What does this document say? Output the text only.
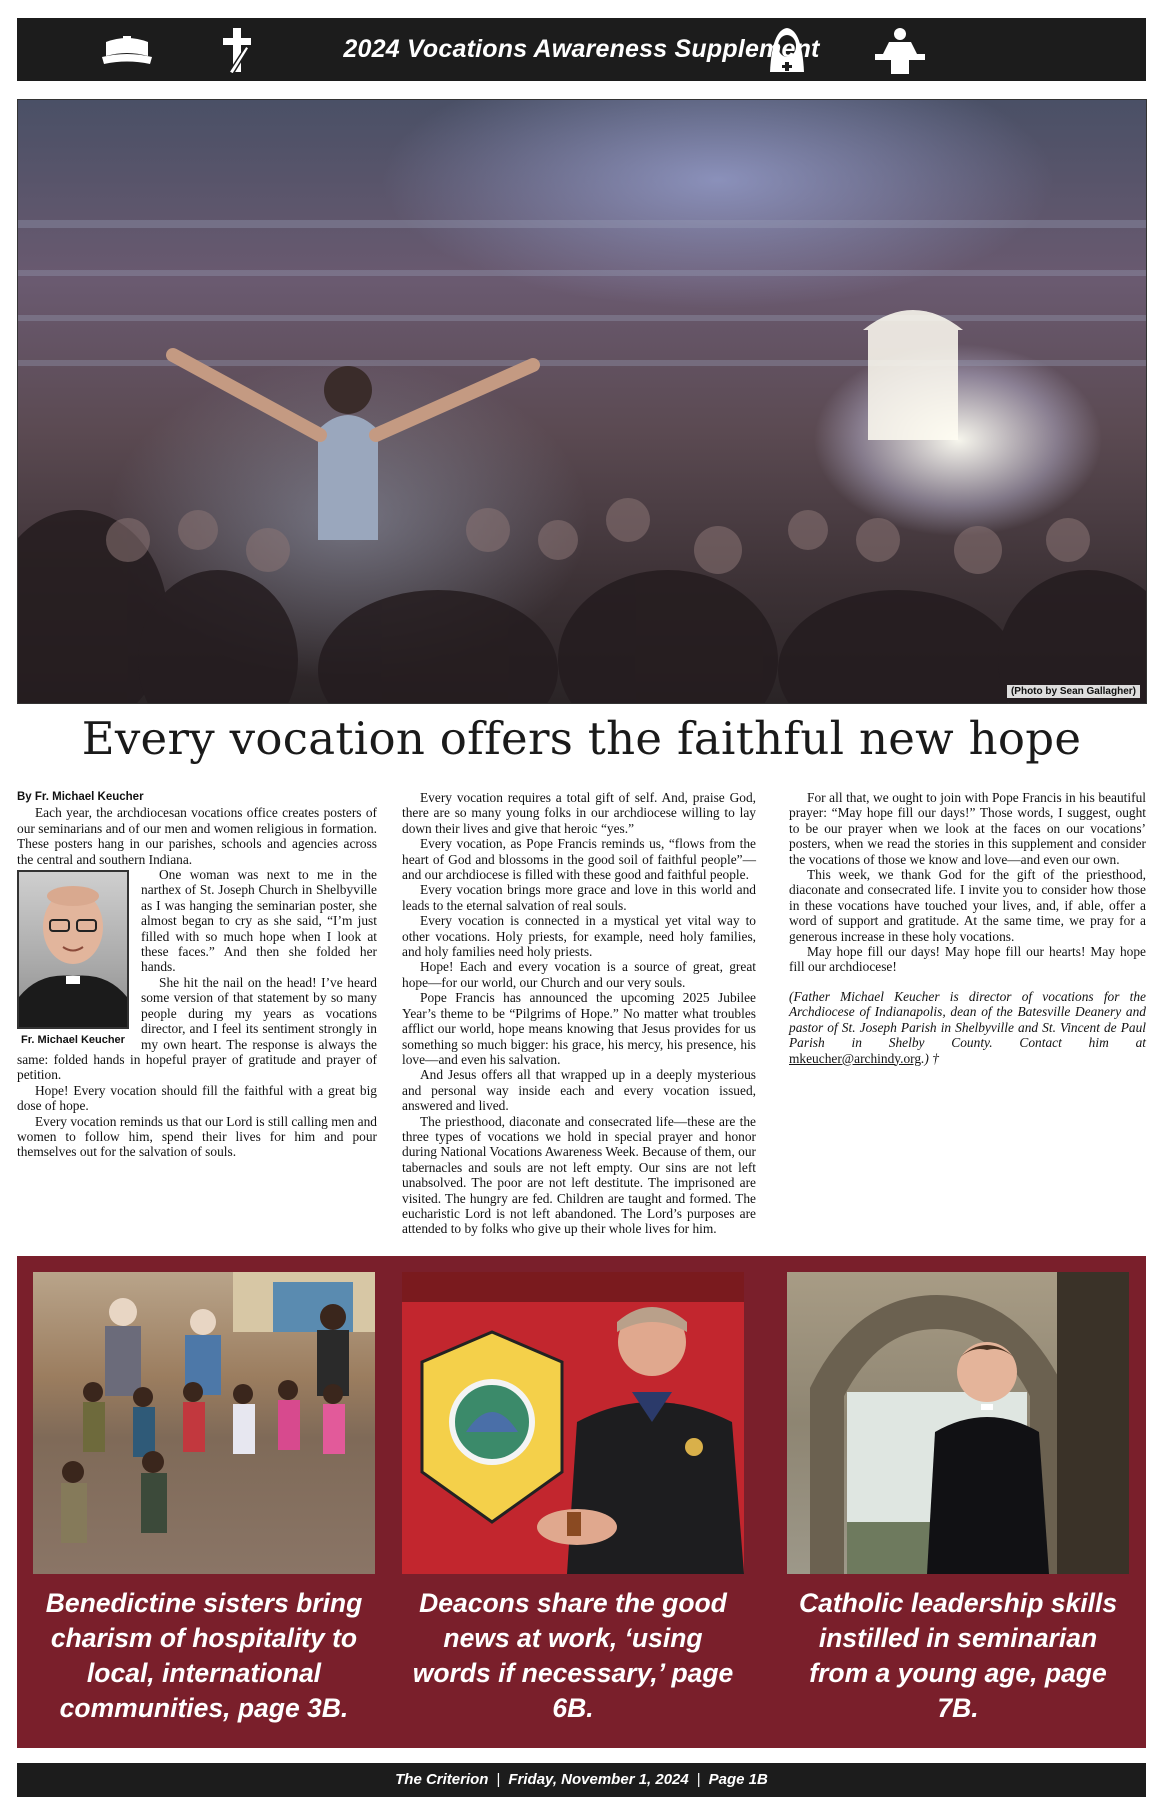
2024 Vocations Awareness Supplement
(Photo by Sean Gallagher)
Every vocation offers the faithful new hope

By Fr. Michael Keucher

Each year, the archdiocesan vocations office creates posters of our seminarians and of our men and women religious in formation. These posters hang in our parishes, schools and agencies across the central and southern Indiana.

Fr. Michael Keucher

One woman was next to me in the narthex of St. Joseph Church in Shelbyville as I was hanging the seminarian poster, she almost began to cry as she said, “I’m just filled with so much hope when I look at these faces.” And then she folded her hands.

She hit the nail on the head! I’ve heard some version of that statement by so many people during my years as vocations director, and I feel its sentiment strongly in my own heart. The response is always the same: folded hands in hopeful prayer of gratitude and prayer of petition.

Hope! Every vocation should fill the faithful with a great big dose of hope.

Every vocation reminds us that our Lord is still calling men and women to follow him, spend their lives for him and pour themselves out for the salvation of souls.

Every vocation requires a total gift of self. And, praise God, there are so many young folks in our archdiocese willing to lay down their lives and give that heroic “yes.”

Every vocation, as Pope Francis reminds us, “flows from the heart of God and blossoms in the good soil of faithful people”—and our archdiocese is filled with these good and faithful people.

Every vocation brings more grace and love in this world and leads to the eternal salvation of real souls.

Every vocation is connected in a mystical yet vital way to other vocations. Holy priests, for example, need holy families, and holy families need holy priests.

Hope! Each and every vocation is a source of great, great hope—for our world, our Church and our very souls.

Pope Francis has announced the upcoming 2025 Jubilee Year’s theme to be “Pilgrims of Hope.” No matter what troubles afflict our world, hope means knowing that Jesus provides for us something so much bigger: his grace, his mercy, his presence, his love—and even his salvation.

And Jesus offers all that wrapped up in a deeply mysterious and personal way inside each and every vocation issued, answered and lived.

The priesthood, diaconate and consecrated life—these are the three types of vocations we hold in special prayer and honor during National Vocations Awareness Week. Because of them, our tabernacles and souls are not left empty. Our sins are not left unabsolved. The poor are not left destitute. The imprisoned are visited. The hungry are fed. Children are taught and formed. The eucharistic Lord is not left abandoned. The Lord’s purposes are attended to by folks who give up their whole lives for him.

For all that, we ought to join with Pope Francis in his beautiful prayer: “May hope fill our days!” Those words, I suggest, ought to be our prayer when we look at the faces on our vocations’ posters, when we read the stories in this supplement and consider the vocations of those we know and love—and even our own.

This week, we thank God for the gift of the priesthood, diaconate and consecrated life. I invite you to consider how those in these vocations have touched your lives, and, if able, offer a word of support and gratitude. At the same time, we pray for a generous increase in these holy vocations.

May hope fill our days! May hope fill our hearts! May hope fill our archdiocese!

(Father Michael Keucher is director of vocations for the Archdiocese of Indianapolis, dean of the Batesville Deanery and pastor of St. Joseph Parish in Shelbyville and St. Vincent de Paul Parish in Shelby County. Contact him at mkeucher@archindy.org.) †

Benedictine sisters bring charism of hospitality to local, international communities, page 3B.
Deacons share the good news at work, ‘using words if necessary,’ page 6B.
Catholic leadership skills instilled in seminarian from a young age, page 7B.
The Criterion | Friday, November 1, 2024 | Page 1B
